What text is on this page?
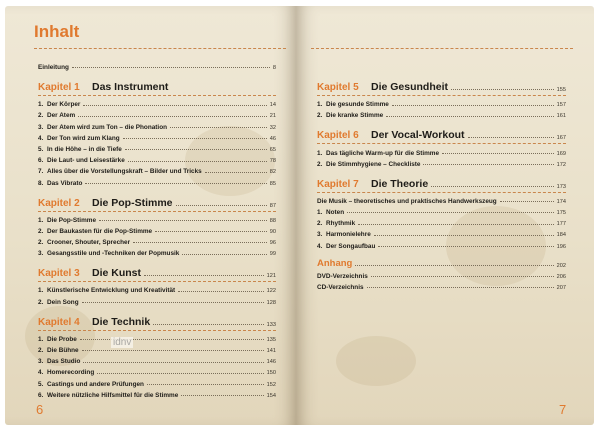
Inhalt
Einleitung	8
Kapitel 1	Das Instrument
1. Der Körper	14
2. Der Atem	21
3. Der Atem wird zum Ton – die Phonation	32
4. Der Ton wird zum Klang	46
5. In die Höhe – in die Tiefe	65
6. Die Laut- und Leisestärke	78
7. Alles über die Vorstellungskraft – Bilder und Tricks	82
8. Das Vibrato	85
Kapitel 2	Die Pop-Stimme	87
1. Die Pop-Stimme	88
2. Der Baukasten für die Pop-Stimme	90
2. Crooner, Shouter, Sprecher	96
3. Gesangsstile und -Techniken der Popmusik	99
Kapitel 3	Die Kunst	121
1. Künstlerische Entwicklung und Kreativität	122
2. Dein Song	128
Kapitel 4	Die Technik	133
1. Die Probe	135
2. Die Bühne	141
3. Das Studio	146
4. Homerecording	150
5. Castings und andere Prüfungen	152
6. Weitere nützliche Hilfsmittel für die Stimme	154
idnv
6
Kapitel 5	Die Gesundheit	155
1. Die gesunde Stimme	157
2. Die kranke Stimme	161
Kapitel 6	Der Vocal-Workout	167
1. Das tägliche Warm-up für die Stimme	169
2. Die Stimmhygiene – Checkliste	172
Kapitel 7	Die Theorie	173
Die Musik – theoretisches und praktisches Handwerkszeug	174
1. Noten	175
2. Rhythmik	177
3. Harmonielehre	184
4. Der Songaufbau	196
Anhang	202
DVD-Verzeichnis	206
CD-Verzeichnis	207
7
